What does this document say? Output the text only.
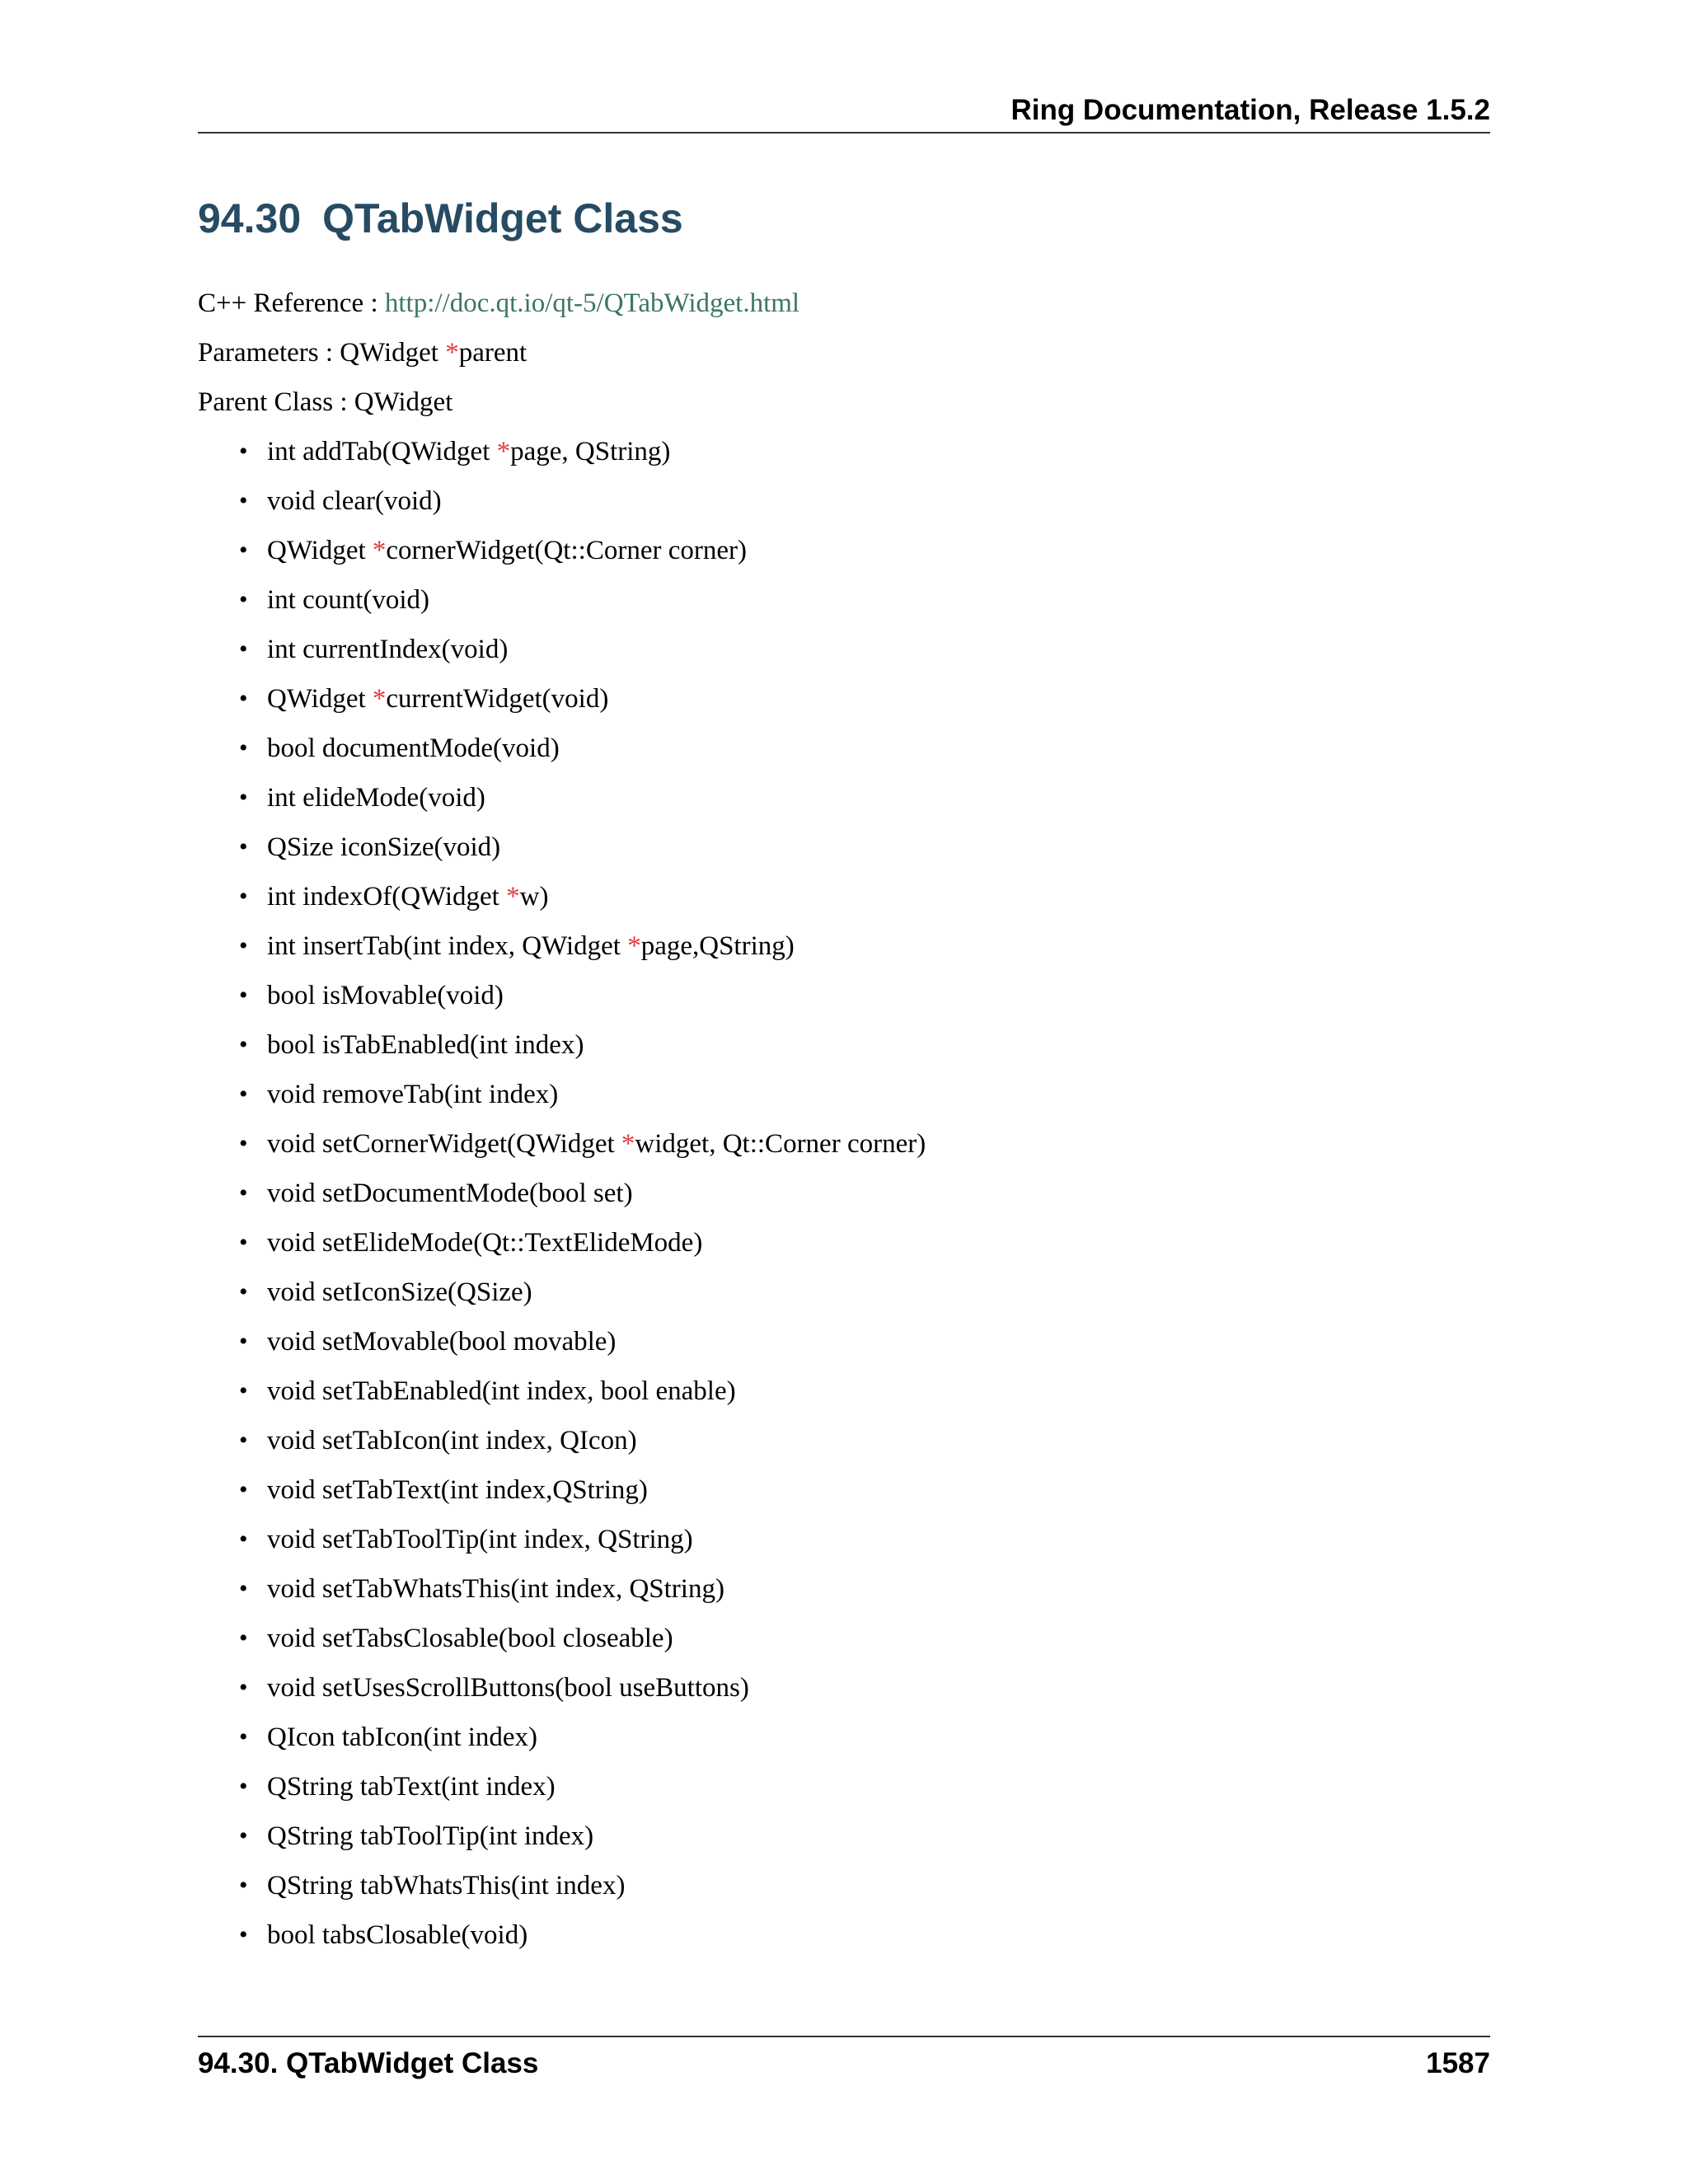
Ring Documentation, Release 1.5.2
94.30 QTabWidget Class
C++ Reference : http://doc.qt.io/qt-5/QTabWidget.html
Parameters : QWidget *parent
Parent Class : QWidget
• int addTab(QWidget *page, QString)
• void clear(void)
• QWidget *cornerWidget(Qt::Corner corner)
• int count(void)
• int currentIndex(void)
• QWidget *currentWidget(void)
• bool documentMode(void)
• int elideMode(void)
• QSize iconSize(void)
• int indexOf(QWidget *w)
• int insertTab(int index, QWidget *page,QString)
• bool isMovable(void)
• bool isTabEnabled(int index)
• void removeTab(int index)
• void setCornerWidget(QWidget *widget, Qt::Corner corner)
• void setDocumentMode(bool set)
• void setElideMode(Qt::TextElideMode)
• void setIconSize(QSize)
• void setMovable(bool movable)
• void setTabEnabled(int index, bool enable)
• void setTabIcon(int index, QIcon)
• void setTabText(int index,QString)
• void setTabToolTip(int index, QString)
• void setTabWhatsThis(int index, QString)
• void setTabsClosable(bool closeable)
• void setUsesScrollButtons(bool useButtons)
• QIcon tabIcon(int index)
• QString tabText(int index)
• QString tabToolTip(int index)
• QString tabWhatsThis(int index)
• bool tabsClosable(void)
94.30. QTabWidget Class	1587
